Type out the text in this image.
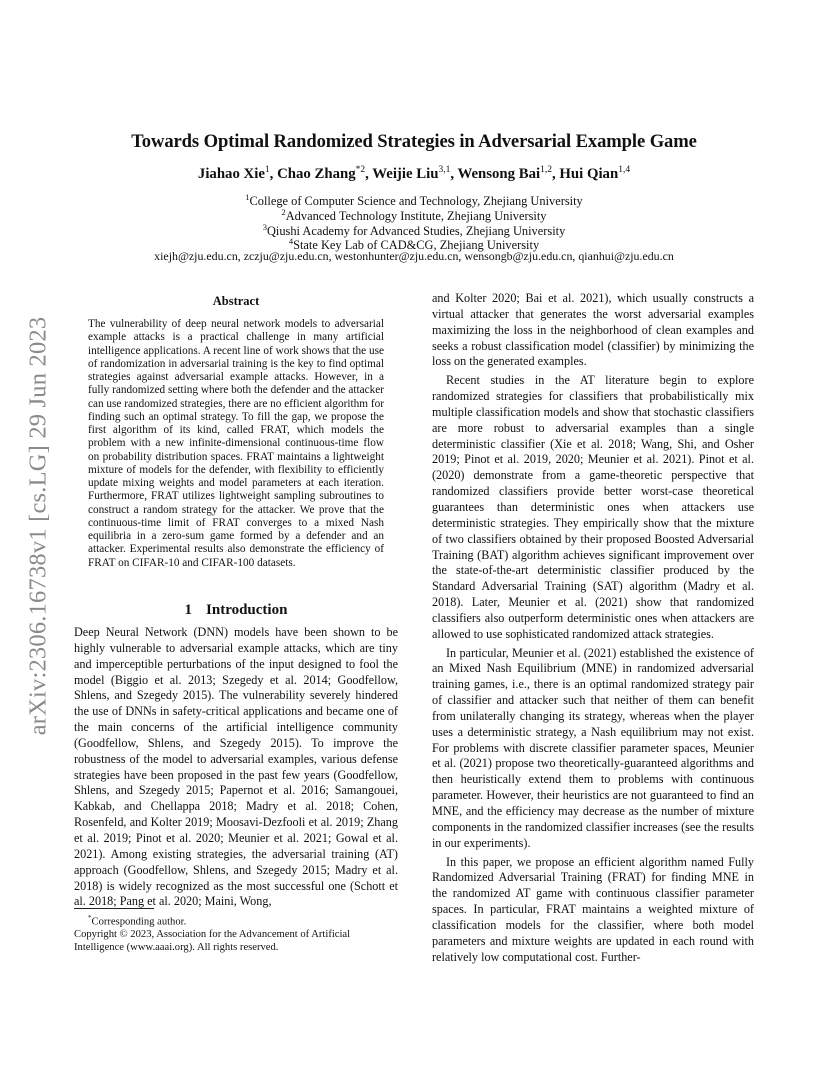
arXiv:2306.16738v1 [cs.LG] 29 Jun 2023
Towards Optimal Randomized Strategies in Adversarial Example Game
Jiahao Xie$^1$, Chao Zhang$^{*2}$, Weijie Liu$^{3,1}$, Wensong Bai$^{1,2}$, Hui Qian$^{1,4}$
$^1$College of Computer Science and Technology, Zhejiang University
$^2$Advanced Technology Institute, Zhejiang University
$^3$Qiushi Academy for Advanced Studies, Zhejiang University
$^4$State Key Lab of CAD&CG, Zhejiang University
xiejh@zju.edu.cn, zczju@zju.edu.cn, westonhunter@zju.edu.cn, wensongb@zju.edu.cn, qianhui@zju.edu.cn
Abstract

The vulnerability of deep neural network models to adversarial example attacks is a practical challenge in many artificial intelligence applications. A recent line of work shows that the use of randomization in adversarial training is the key to find optimal strategies against adversarial example attacks. However, in a fully randomized setting where both the defender and the attacker can use randomized strategies, there are no efficient algorithm for finding such an optimal strategy. To fill the gap, we propose the first algorithm of its kind, called FRAT, which models the problem with a new infinite-dimensional continuous-time flow on probability distribution spaces. FRAT maintains a lightweight mixture of models for the defender, with flexibility to efficiently update mixing weights and model parameters at each iteration. Furthermore, FRAT utilizes lightweight sampling subroutines to construct a random strategy for the attacker. We prove that the continuous-time limit of FRAT converges to a mixed Nash equilibria in a zero-sum game formed by a defender and an attacker. Experimental results also demonstrate the efficiency of FRAT on CIFAR-10 and CIFAR-100 datasets.

1 Introduction

Deep Neural Network (DNN) models have been shown to be highly vulnerable to adversarial example attacks, which are tiny and imperceptible perturbations of the input designed to fool the model (Biggio et al. 2013; Szegedy et al. 2014; Goodfellow, Shlens, and Szegedy 2015). The vulnerability severely hindered the use of DNNs in safety-critical applications and became one of the main concerns of the artificial intelligence community (Goodfellow, Shlens, and Szegedy 2015). To improve the robustness of the model to adversarial examples, various defense strategies have been proposed in the past few years (Goodfellow, Shlens, and Szegedy 2015; Papernot et al. 2016; Samangouei, Kabkab, and Chellappa 2018; Madry et al. 2018; Cohen, Rosenfeld, and Kolter 2019; Moosavi-Dezfooli et al. 2019; Zhang et al. 2019; Pinot et al. 2020; Meunier et al. 2021; Gowal et al. 2021). Among existing strategies, the adversarial training (AT) approach (Goodfellow, Shlens, and Szegedy 2015; Madry et al. 2018) is widely recognized as the most successful one (Schott et al. 2018; Pang et al. 2020; Maini, Wong,

*Corresponding author.

Copyright © 2023, Association for the Advancement of Artificial Intelligence (www.aaai.org). All rights reserved.

and Kolter 2020; Bai et al. 2021), which usually constructs a virtual attacker that generates the worst adversarial examples maximizing the loss in the neighborhood of clean examples and seeks a robust classification model (classifier) by minimizing the loss on the generated examples.

Recent studies in the AT literature begin to explore randomized strategies for classifiers that probabilistically mix multiple classification models and show that stochastic classifiers are more robust to adversarial examples than a single deterministic classifier (Xie et al. 2018; Wang, Shi, and Osher 2019; Pinot et al. 2019, 2020; Meunier et al. 2021). Pinot et al. (2020) demonstrate from a game-theoretic perspective that randomized classifiers provide better worst-case theoretical guarantees than deterministic ones when attackers use deterministic strategies. They empirically show that the mixture of two classifiers obtained by their proposed Boosted Adversarial Training (BAT) algorithm achieves significant improvement over the state-of-the-art deterministic classifier produced by the Standard Adversarial Training (SAT) algorithm (Madry et al. 2018). Later, Meunier et al. (2021) show that randomized classifiers also outperform deterministic ones when attackers are allowed to use sophisticated randomized attack strategies.

In particular, Meunier et al. (2021) established the existence of an Mixed Nash Equilibrium (MNE) in randomized adversarial training games, i.e., there is an optimal randomized strategy pair of classifier and attacker such that neither of them can benefit from unilaterally changing its strategy, whereas when the player uses a deterministic strategy, a Nash equilibrium may not exist. For problems with discrete classifier parameter spaces, Meunier et al. (2021) propose two theoretically-guaranteed algorithms and then heuristically extend them to problems with continuous parameter. However, their heuristics are not guaranteed to find an MNE, and the efficiency may decrease as the number of mixture components in the randomized classifier increases (see the results in our experiments).

In this paper, we propose an efficient algorithm named Fully Randomized Adversarial Training (FRAT) for finding MNE in the randomized AT game with continuous classifier parameter spaces. In particular, FRAT maintains a weighted mixture of classification models for the classifier, where both model parameters and mixture weights are updated in each round with relatively low computational cost. Further-
